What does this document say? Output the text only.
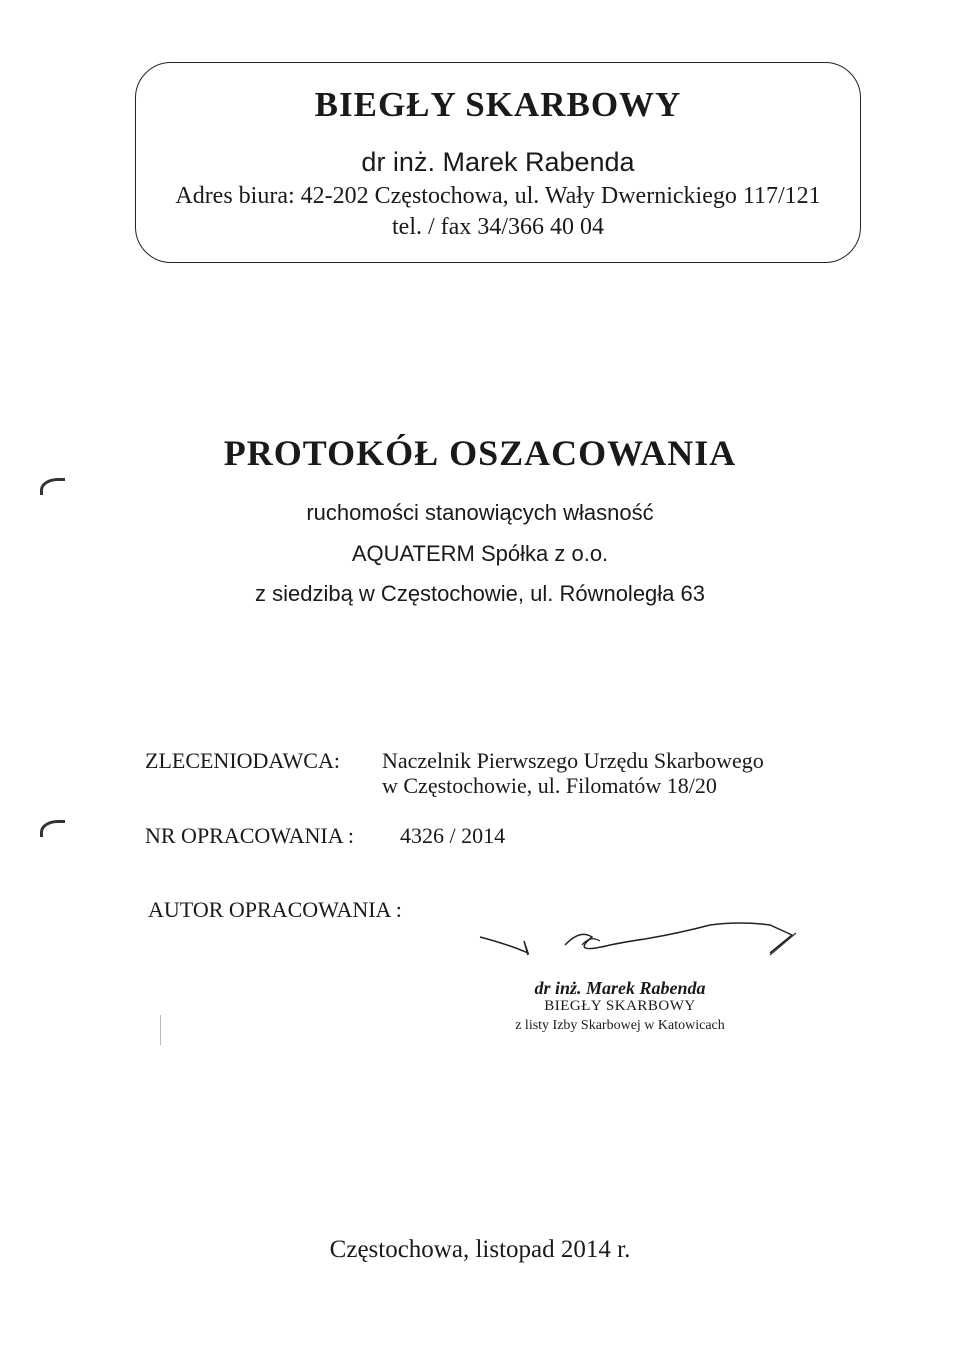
BIEGŁY SKARBOWY
dr inż. Marek Rabenda
Adres biura: 42-202 Częstochowa, ul. Wały Dwernickiego 117/121
tel. / fax 34/366 40 04
PROTOKÓŁ OSZACOWANIA
ruchomości stanowiących własność
AQUATERM Spółka z o.o.
z siedzibą w Częstochowie, ul. Równoległa 63
ZLECENIODAWCA: Naczelnik Pierwszego Urzędu Skarbowego
w Częstochowie, ul. Filomatów 18/20
NR OPRACOWANIA : 4326 / 2014
AUTOR OPRACOWANIA :
dr inż. Marek Rabenda
BIEGŁY SKARBOWY
z listy Izby Skarbowej w Katowicach
Częstochowa, listopad 2014 r.
